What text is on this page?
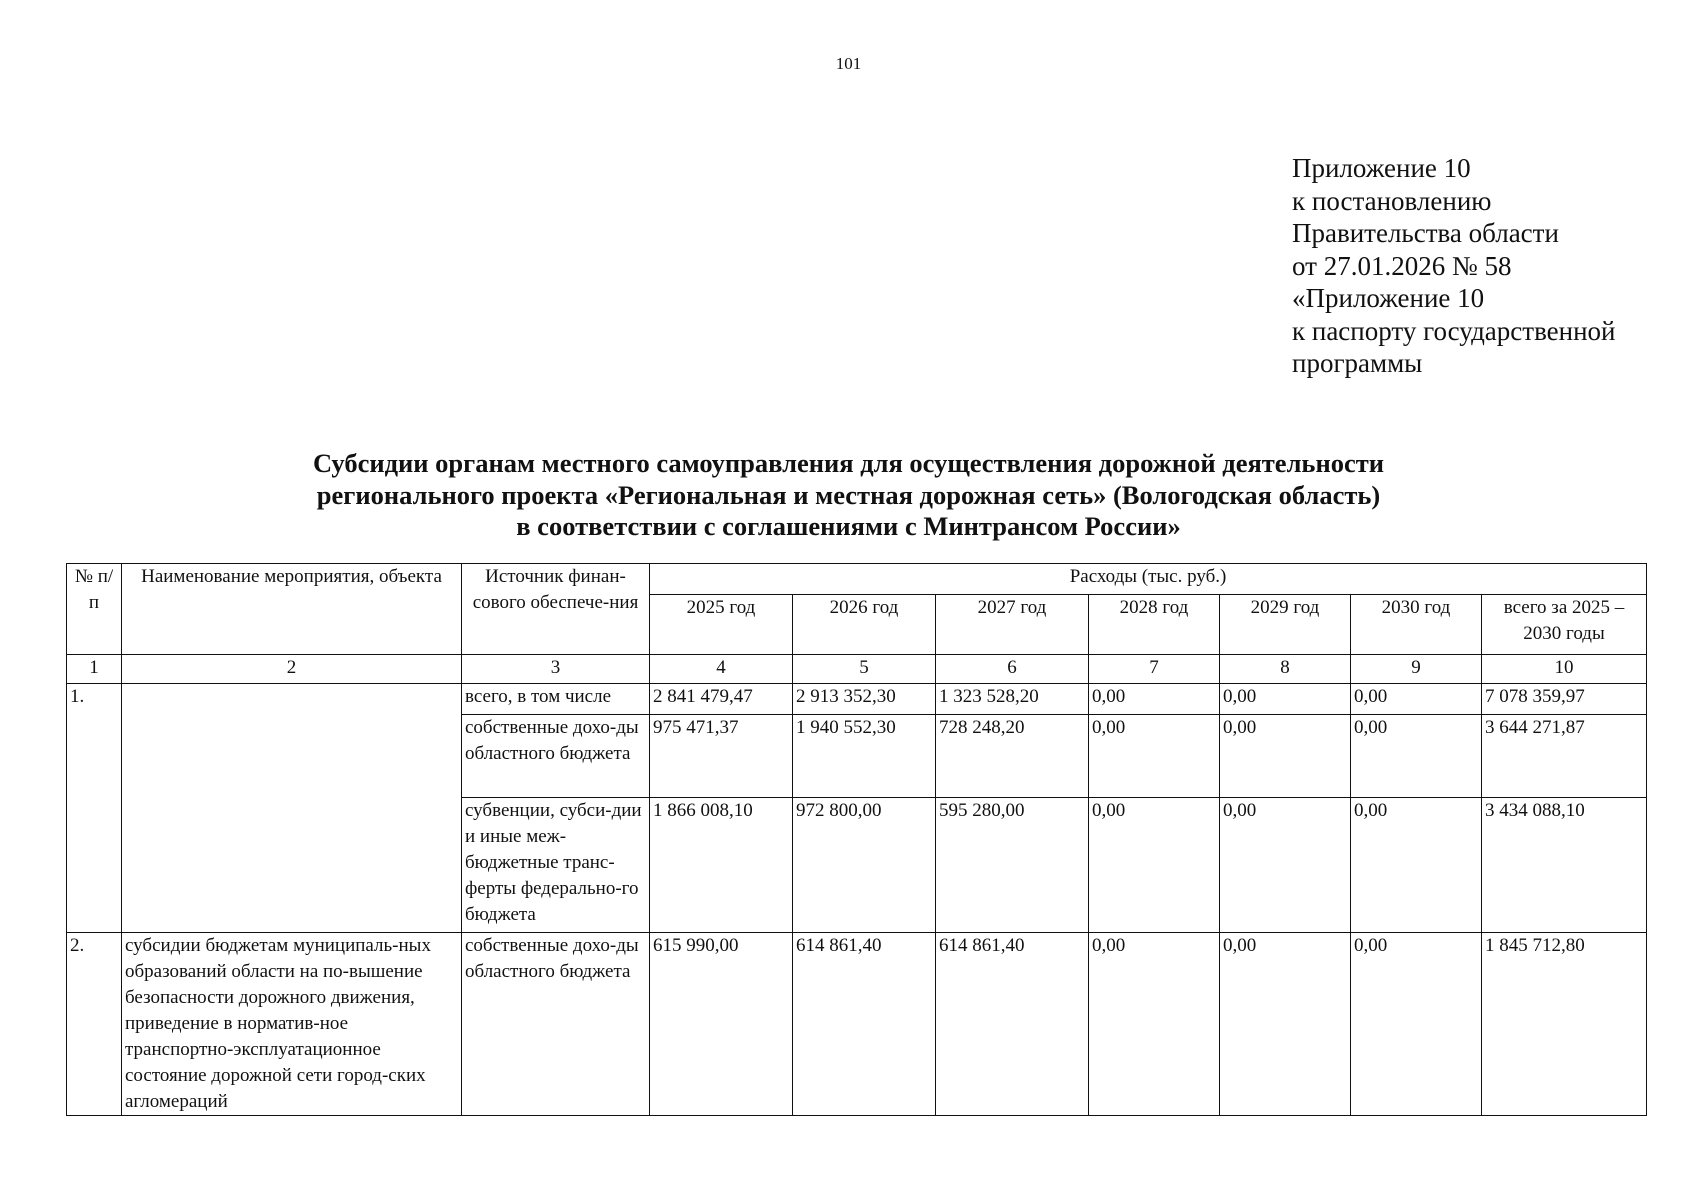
101
Приложение 10
к постановлению
Правительства области
от 27.01.2026 № 58
«Приложение 10
к паспорту государственной
программы
Субсидии органам местного самоуправления для осуществления дорожной деятельности
регионального проекта «Региональная и местная дорожная сеть» (Вологодская область)
в соответствии с соглашениями с Минтрансом России»
№ п/п	Наименование мероприятия, объекта	Источник финан-сового обеспече-ния	Расходы (тыс. руб.)						
			2025 год	2026 год	2027 год	2028 год	2029 год	2030 год	всего за 2025 – 2030 годы
1	2	3	4	5	6	7	8	9	10
1.		всего, в том числе	2 841 479,47	2 913 352,30	1 323 528,20	0,00	0,00	0,00	7 078 359,97
		собственные дохо-ды областного бюджета	975 471,37	1 940 552,30	728 248,20	0,00	0,00	0,00	3 644 271,87
		субвенции, субси-дии и иные меж-бюджетные транс-ферты федерально-го бюджета	1 866 008,10	972 800,00	595 280,00	0,00	0,00	0,00	3 434 088,10
2.	субсидии бюджетам муниципаль-ных образований области на по-вышение безопасности дорожного движения, приведение в норматив-ное транспортно-эксплуатационное состояние дорожной сети город-ских агломераций	собственные дохо-ды областного бюджета	615 990,00	614 861,40	614 861,40	0,00	0,00	0,00	1 845 712,80
